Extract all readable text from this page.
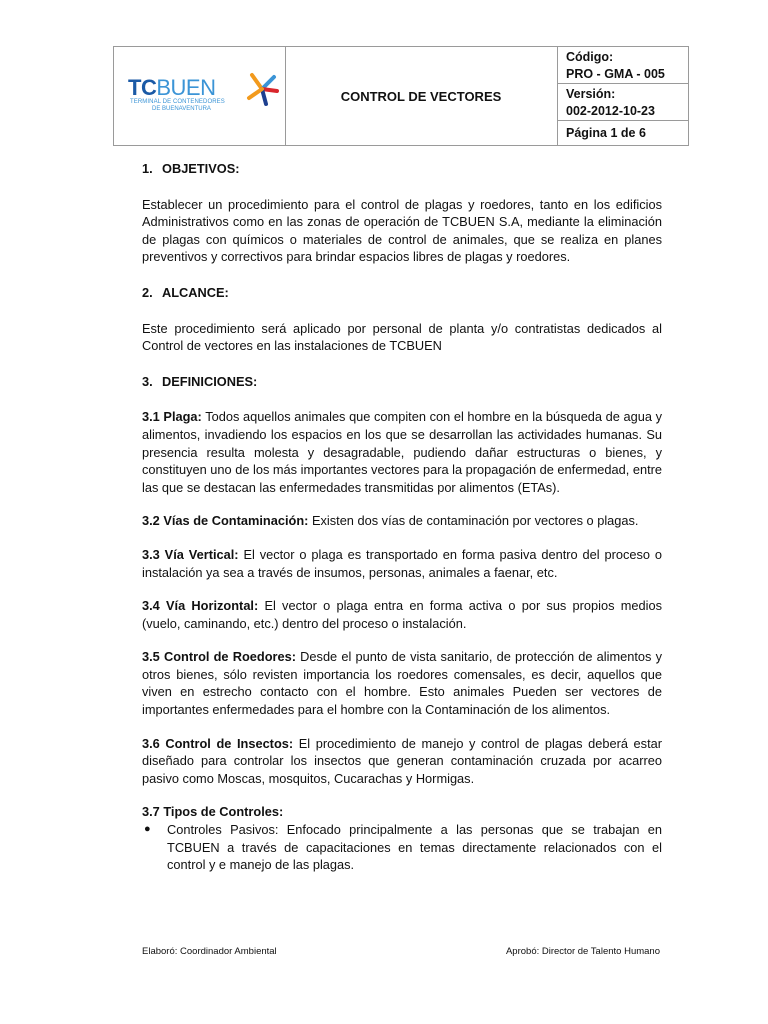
TCBUEN
TERMINAL DE CONTENEDORES
DE BUENAVENTURA
CONTROL DE VECTORES
Código:
PRO - GMA - 005
Versión:
002-2012-10-23
Página 1 de 6

1. OBJETIVOS:

Establecer un procedimiento para el control de plagas y roedores, tanto en los edificios Administrativos como en las zonas de operación de TCBUEN S.A, mediante la eliminación de plagas con químicos o materiales de control de animales, que se realiza en planes preventivos y correctivos para brindar espacios libres de plagas y roedores.

2. ALCANCE:

Este procedimiento será aplicado por personal de planta y/o contratistas dedicados al Control de vectores en las instalaciones de TCBUEN

3. DEFINICIONES:

3.1 Plaga: Todos aquellos animales que compiten con el hombre en la búsqueda de agua y alimentos, invadiendo los espacios en los que se desarrollan las actividades humanas. Su presencia resulta molesta y desagradable, pudiendo dañar estructuras o bienes, y constituyen uno de los más importantes vectores para la propagación de enfermedad, entre las que se destacan las enfermedades transmitidas por alimentos (ETAs).

3.2 Vías de Contaminación: Existen dos vías de contaminación por vectores o plagas.

3.3 Vía Vertical: El vector o plaga es transportado en forma pasiva dentro del proceso o instalación ya sea a través de insumos, personas, animales a faenar, etc.

3.4 Vía Horizontal: El vector o plaga entra en forma activa o por sus propios medios (vuelo, caminando, etc.) dentro del proceso o instalación.

3.5 Control de Roedores: Desde el punto de vista sanitario, de protección de alimentos y otros bienes, sólo revisten importancia los roedores comensales, es decir, aquellos que viven en estrecho contacto con el hombre. Esto animales Pueden ser vectores de importantes enfermedades para el hombre con la Contaminación de los alimentos.

3.6 Control de Insectos: El procedimiento de manejo y control de plagas deberá estar diseñado para controlar los insectos que generan contaminación cruzada por acarreo pasivo como Moscas, mosquitos, Cucarachas y Hormigas.

3.7 Tipos de Controles:

●	Controles Pasivos: Enfocado principalmente a las personas que se trabajan en TCBUEN a través de capacitaciones en temas directamente relacionados con el control y e manejo de las plagas.
Elaboró: Coordinador Ambiental	Aprobó: Director de Talento Humano
